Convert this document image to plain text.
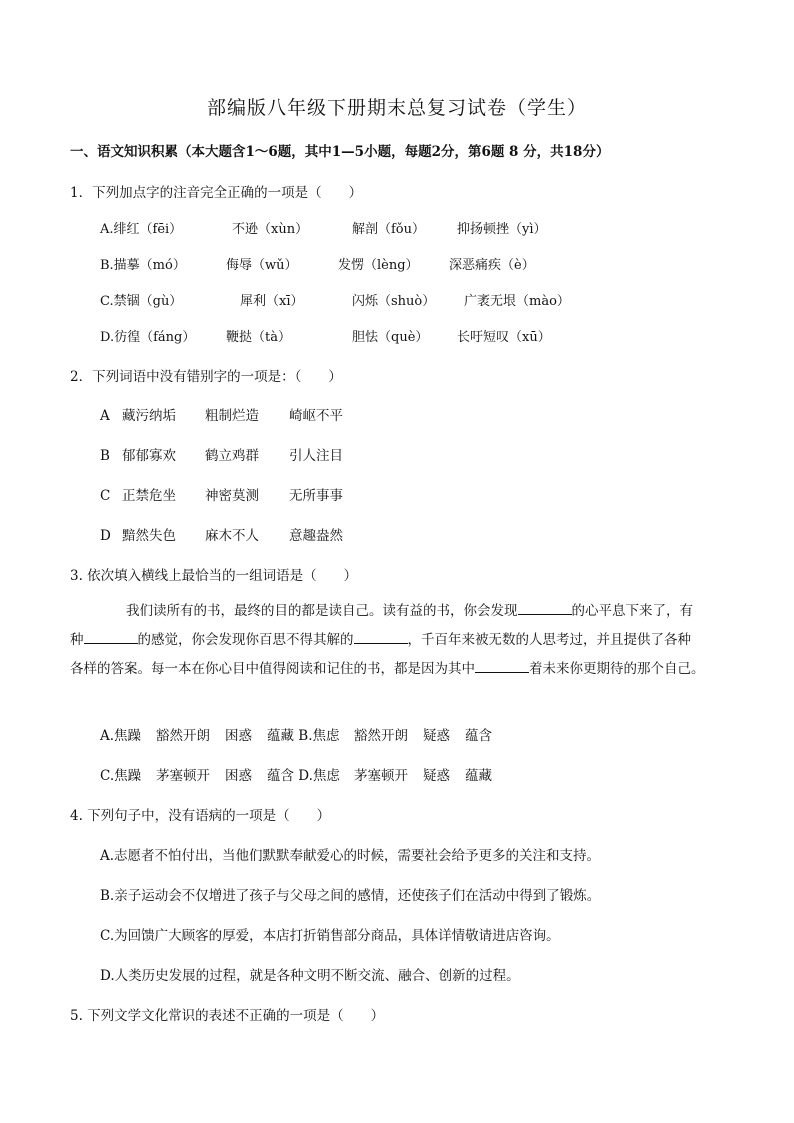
部编版八年级下册期末总复习试卷（学生）
一、语文知识积累（本大题含1～6题，其中1—5小题，每题2分，第6题 8 分，共18分）
1．下列加点字的注音完全正确的一项是（　　）
A.绯红（fēi）	不逊（xùn）	解剖（fǒu） 抑扬顿挫（yì）
B.描摹（mó）	侮辱（wǔ）	发愣（lèng） 深恶痛疾（è）
C.禁锢（gù）	犀利（xī）	闪烁（shuò） 广袤无垠（mào）
D.彷徨（fáng） 鞭挞（tà）	胆怯（què） 长吁短叹（xū）
2．下列词语中没有错别字的一项是：（　　）
A 藏污纳垢 粗制烂造 崎岖不平
B 郁郁寡欢 鹤立鸡群 引人注目
C 正禁危坐 神密莫测 无所事事
D 黯然失色 麻木不人 意趣盎然
3. 依次填入横线上最恰当的一组词语是（　　）
我们读所有的书，最终的目的都是读自己。读有益的书，你会发现	的心平息下来了，有
种	的感觉，你会发现你百思不得其解的	，千百年来被无数的人思考过，并且提供了各种
各样的答案。每一本在你心目中值得阅读和记住的书，都是因为其中	着未来你更期待的那个自己。
A.焦躁 豁然开朗 困惑 蕴藏 B.焦虑 豁然开朗 疑惑 蕴含
C.焦躁 茅塞顿开 困惑 蕴含 D.焦虑 茅塞顿开 疑惑 蕴藏
4. 下列句子中，没有语病的一项是（　　）
A.志愿者不怕付出，当他们默默奉献爱心的时候，需要社会给予更多的关注和支持。
B.亲子运动会不仅增进了孩子与父母之间的感情，还使孩子们在活动中得到了锻炼。
C.为回馈广大顾客的厚爱，本店打折销售部分商品，具体详情敬请进店咨询。
D.人类历史发展的过程，就是各种文明不断交流、融合、创新的过程。
5. 下列文学文化常识的表述不正确的一项是（　　）
